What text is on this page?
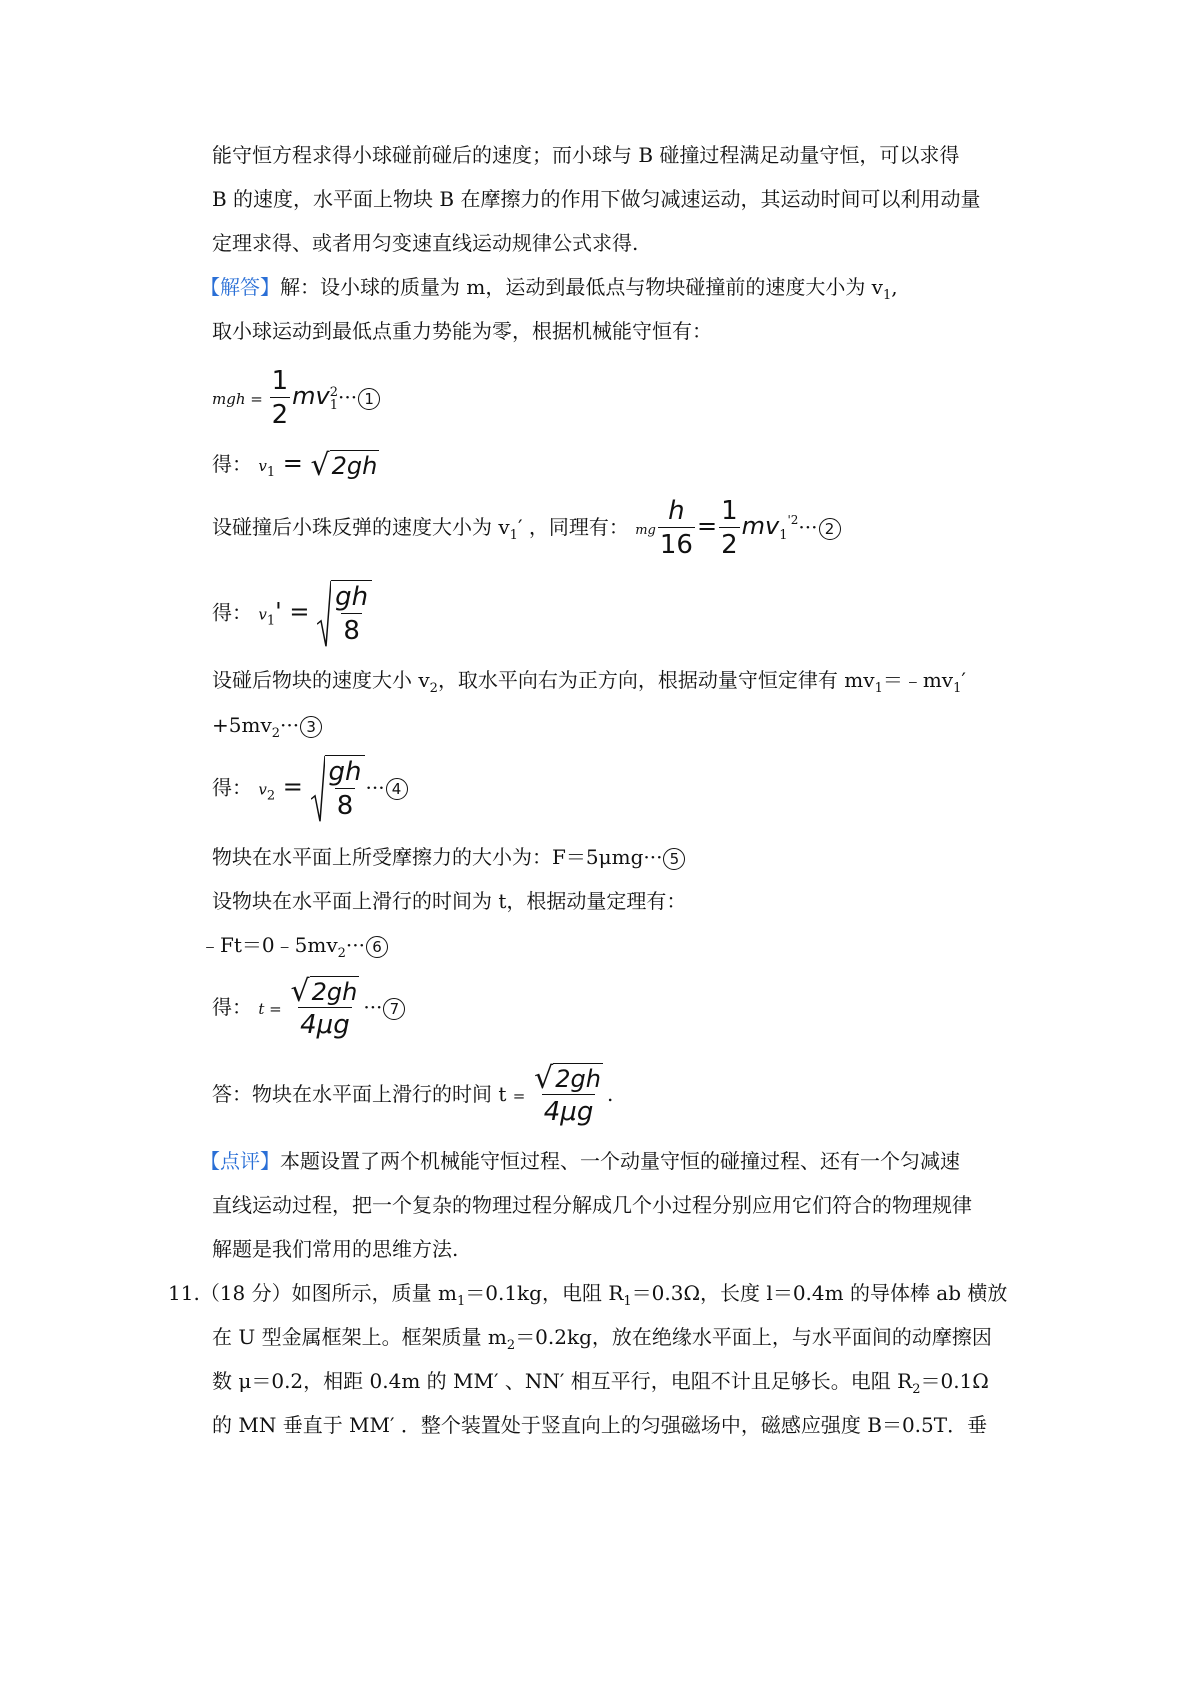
能守恒方程求得小球碰前碰后的速度；而小球与 B 碰撞过程满足动量守恒，可以求得
B 的速度，水平面上物块 B 在摩擦力的作用下做匀减速运动，其运动时间可以利用动量
定理求得、或者用匀变速直线运动规律公式求得.
【解答】解：设小球的质量为 m，运动到最低点与物块碰撞前的速度大小为 $v_1$,
取小球运动到最低点重力势能为零，根据机械能守恒有：
mgh = $\frac{1}{2}$ mv 2
1 ··· 1
得： $v_1$ = √ 2gh
设碰撞后小珠反弹的速度大小为 $v_1'$ ，同理有： mg $\frac{h}{16} = \frac{1}{2} mv_1^{'2}\cdot\cdot\cdot 2$
得： $v_1' = \frac{gh}{8}$
设碰后物块的速度大小 $v_2$，取水平向右为正方向，根据动量守恒定律有 $mv_1=﹣mv_1'$
$+5mv_2\cdot\cdot\cdot 3$
得： $v_2 = \frac{gh}{8}$ ··· 4
物块在水平面上所受摩擦力的大小为：F＝5μmg··· 5
设物块在水平面上滑行的时间为 t，根据动量定理有：
$﹣Ft=0﹣5mv_2\cdot\cdot\cdot 6$
得： $t = \frac{√ 2gh}{4\mu g}$ ··· 7
答：物块在水平面上滑行的时间 $t = \frac{√ 2gh}{4\mu g}$ .
【点评】本题设置了两个机械能守恒过程、一个动量守恒的碰撞过程、还有一个匀减速
直线运动过程，把一个复杂的物理过程分解成几个小过程分别应用它们符合的物理规律
解题是我们常用的思维方法.
11.（18 分）如图所示，质量 $m_1=0.1kg$，电阻 $R_1=0.3\Omega$，长度 l＝0.4m 的导体棒 ab 横放
在 U 型金属框架上。框架质量 $m_2=0.2kg$，放在绝缘水平面上，与水平面间的动摩擦因
数 μ＝0.2，相距 0.4m 的 MM′ 、NN′ 相互平行，电阻不计且足够长。电阻 $R_2=0.1\Omega$
的 MN 垂直于 MM′ ．整个装置处于竖直向上的匀强磁场中，磁感应强度 B＝0.5T．垂
